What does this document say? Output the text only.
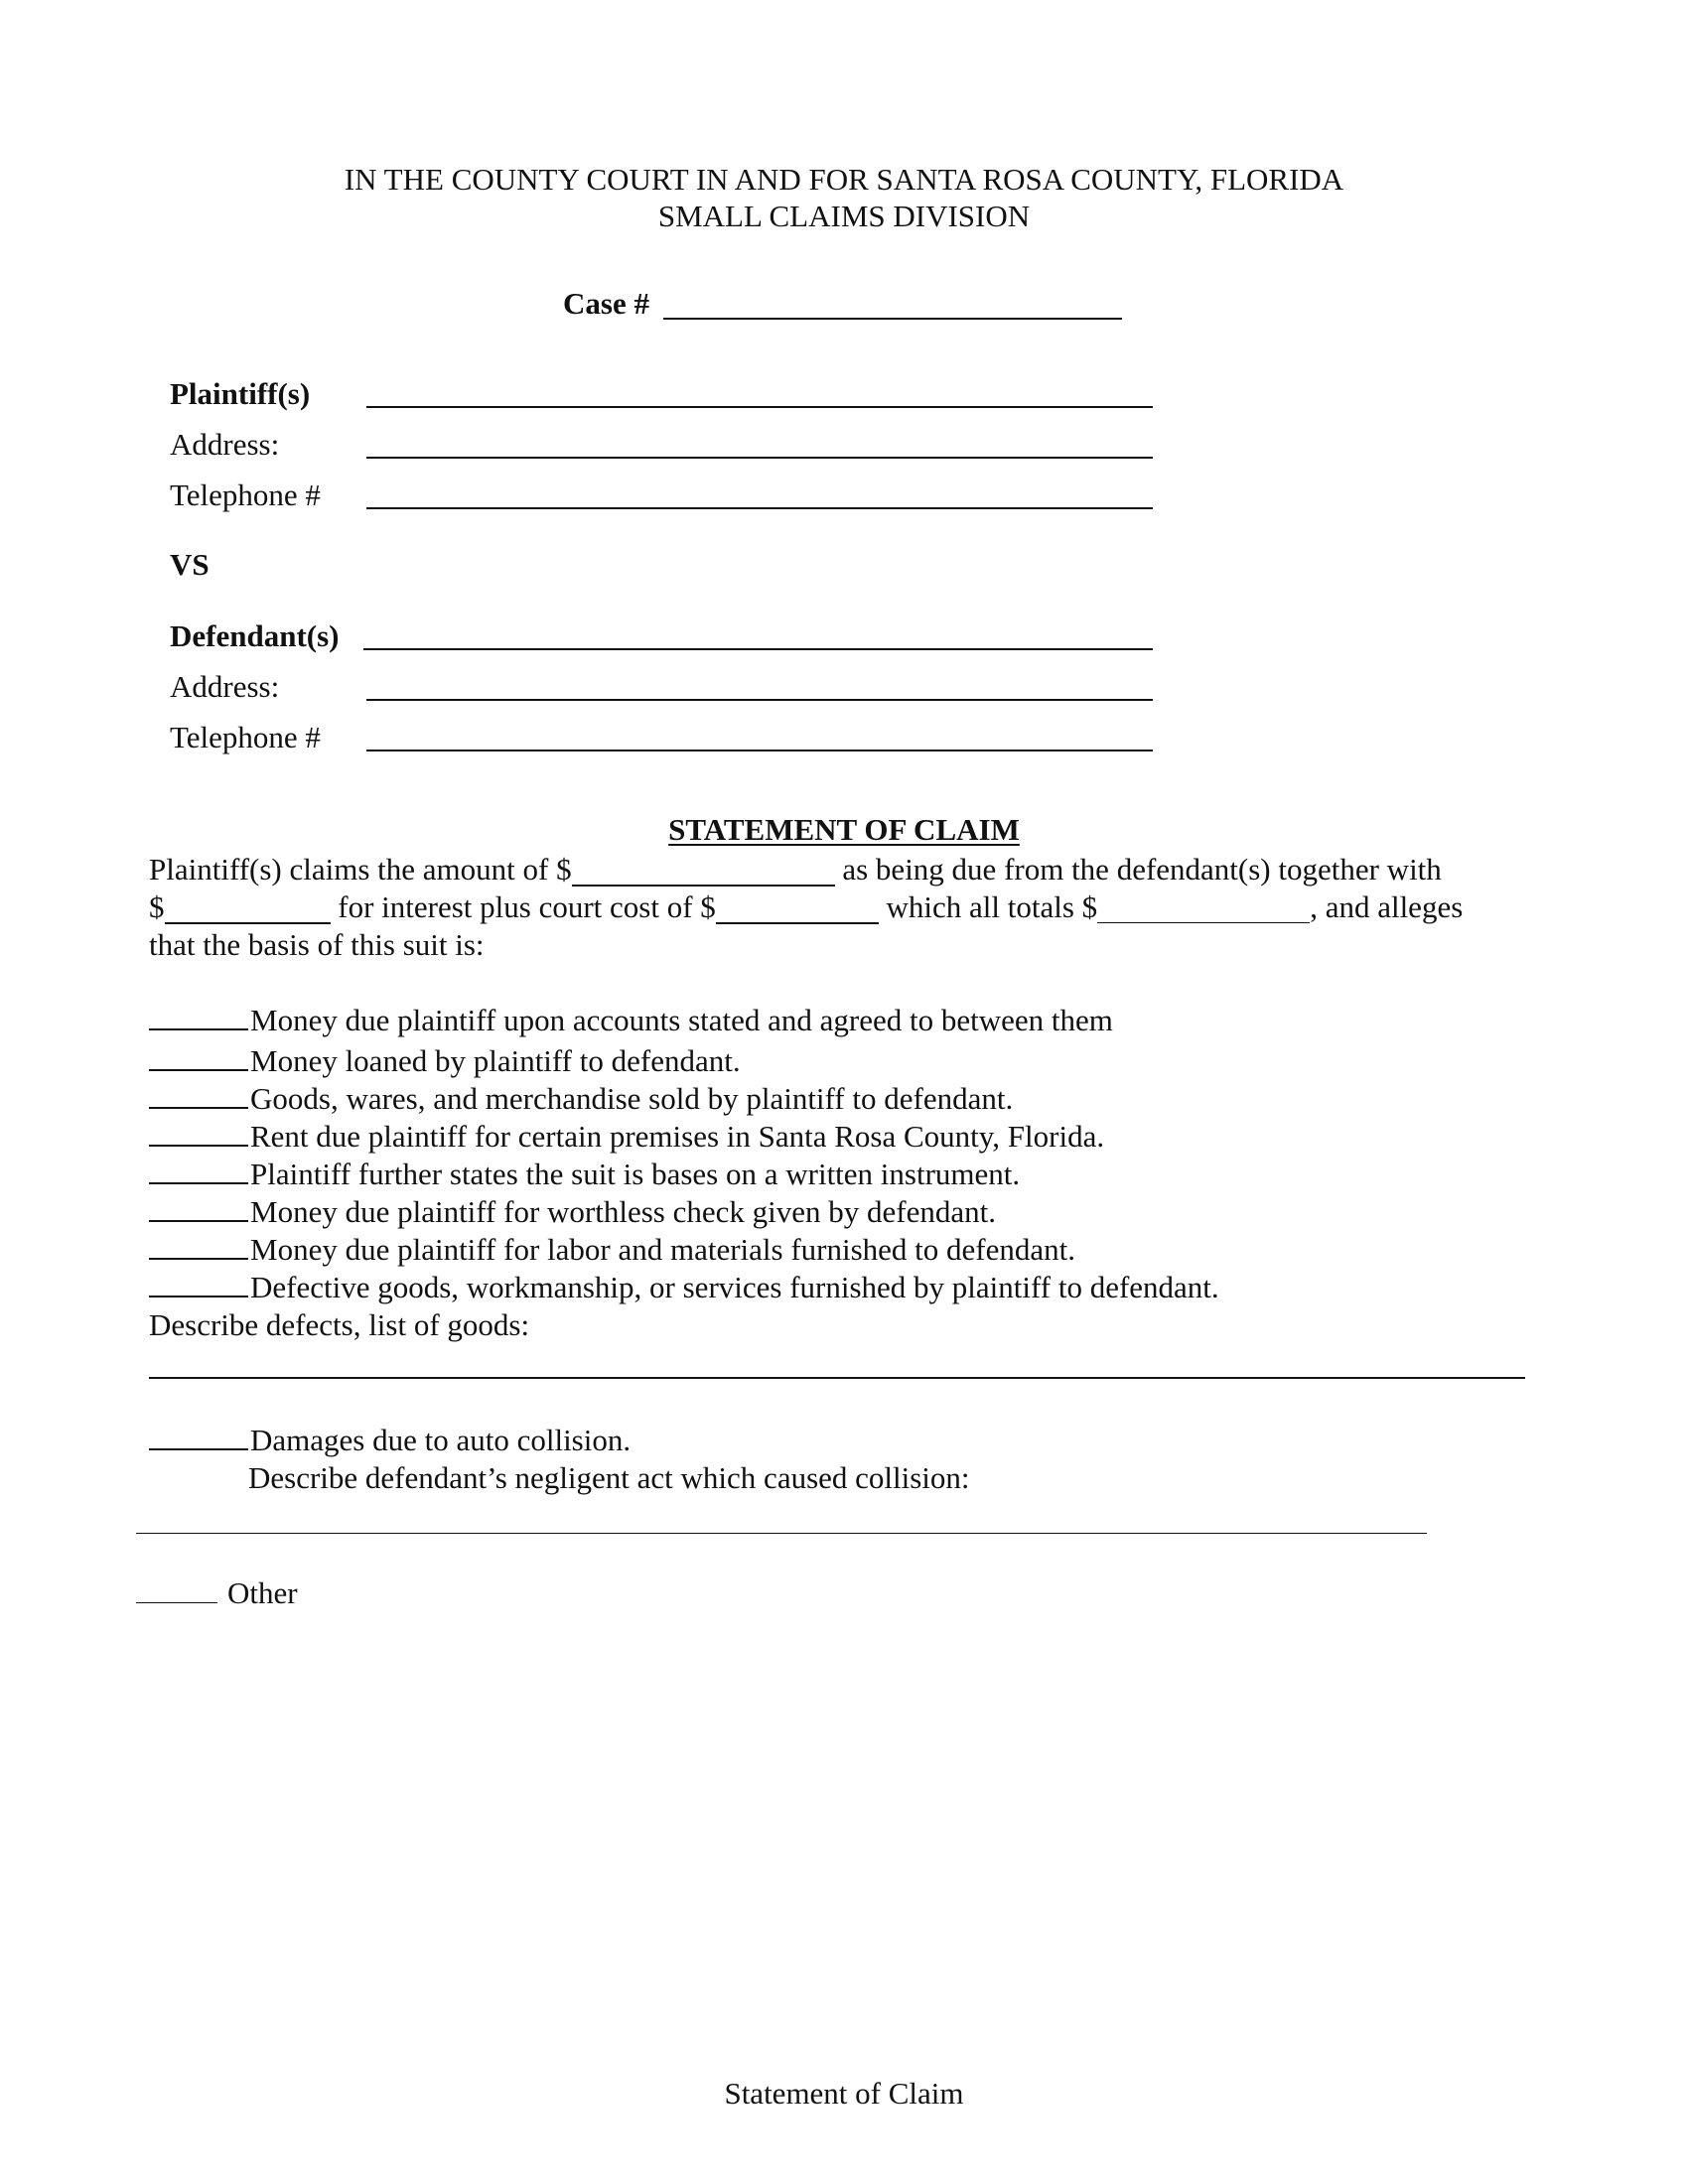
IN THE COUNTY COURT IN AND FOR SANTA ROSA COUNTY, FLORIDA
SMALL CLAIMS DIVISION
Case #
Plaintiff(s)
Address:
Telephone #
VS
Defendant(s)
Address:
Telephone #
STATEMENT OF CLAIM
Plaintiff(s) claims the amount of $	as being due from the defendant(s) together with
$	for interest plus court cost of $	which all totals $	, and alleges
that the basis of this suit is:
Money due plaintiff upon accounts stated and agreed to between them
Money loaned by plaintiff to defendant.
Goods, wares, and merchandise sold by plaintiff to defendant.
Rent due plaintiff for certain premises in Santa Rosa County, Florida.
Plaintiff further states the suit is bases on a written instrument.
Money due plaintiff for worthless check given by defendant.
Money due plaintiff for labor and materials furnished to defendant.
Defective goods, workmanship, or services furnished by plaintiff to defendant.
Describe defects, list of goods:
Damages due to auto collision.
Describe defendant’s negligent act which caused collision:
Other
Statement of Claim
